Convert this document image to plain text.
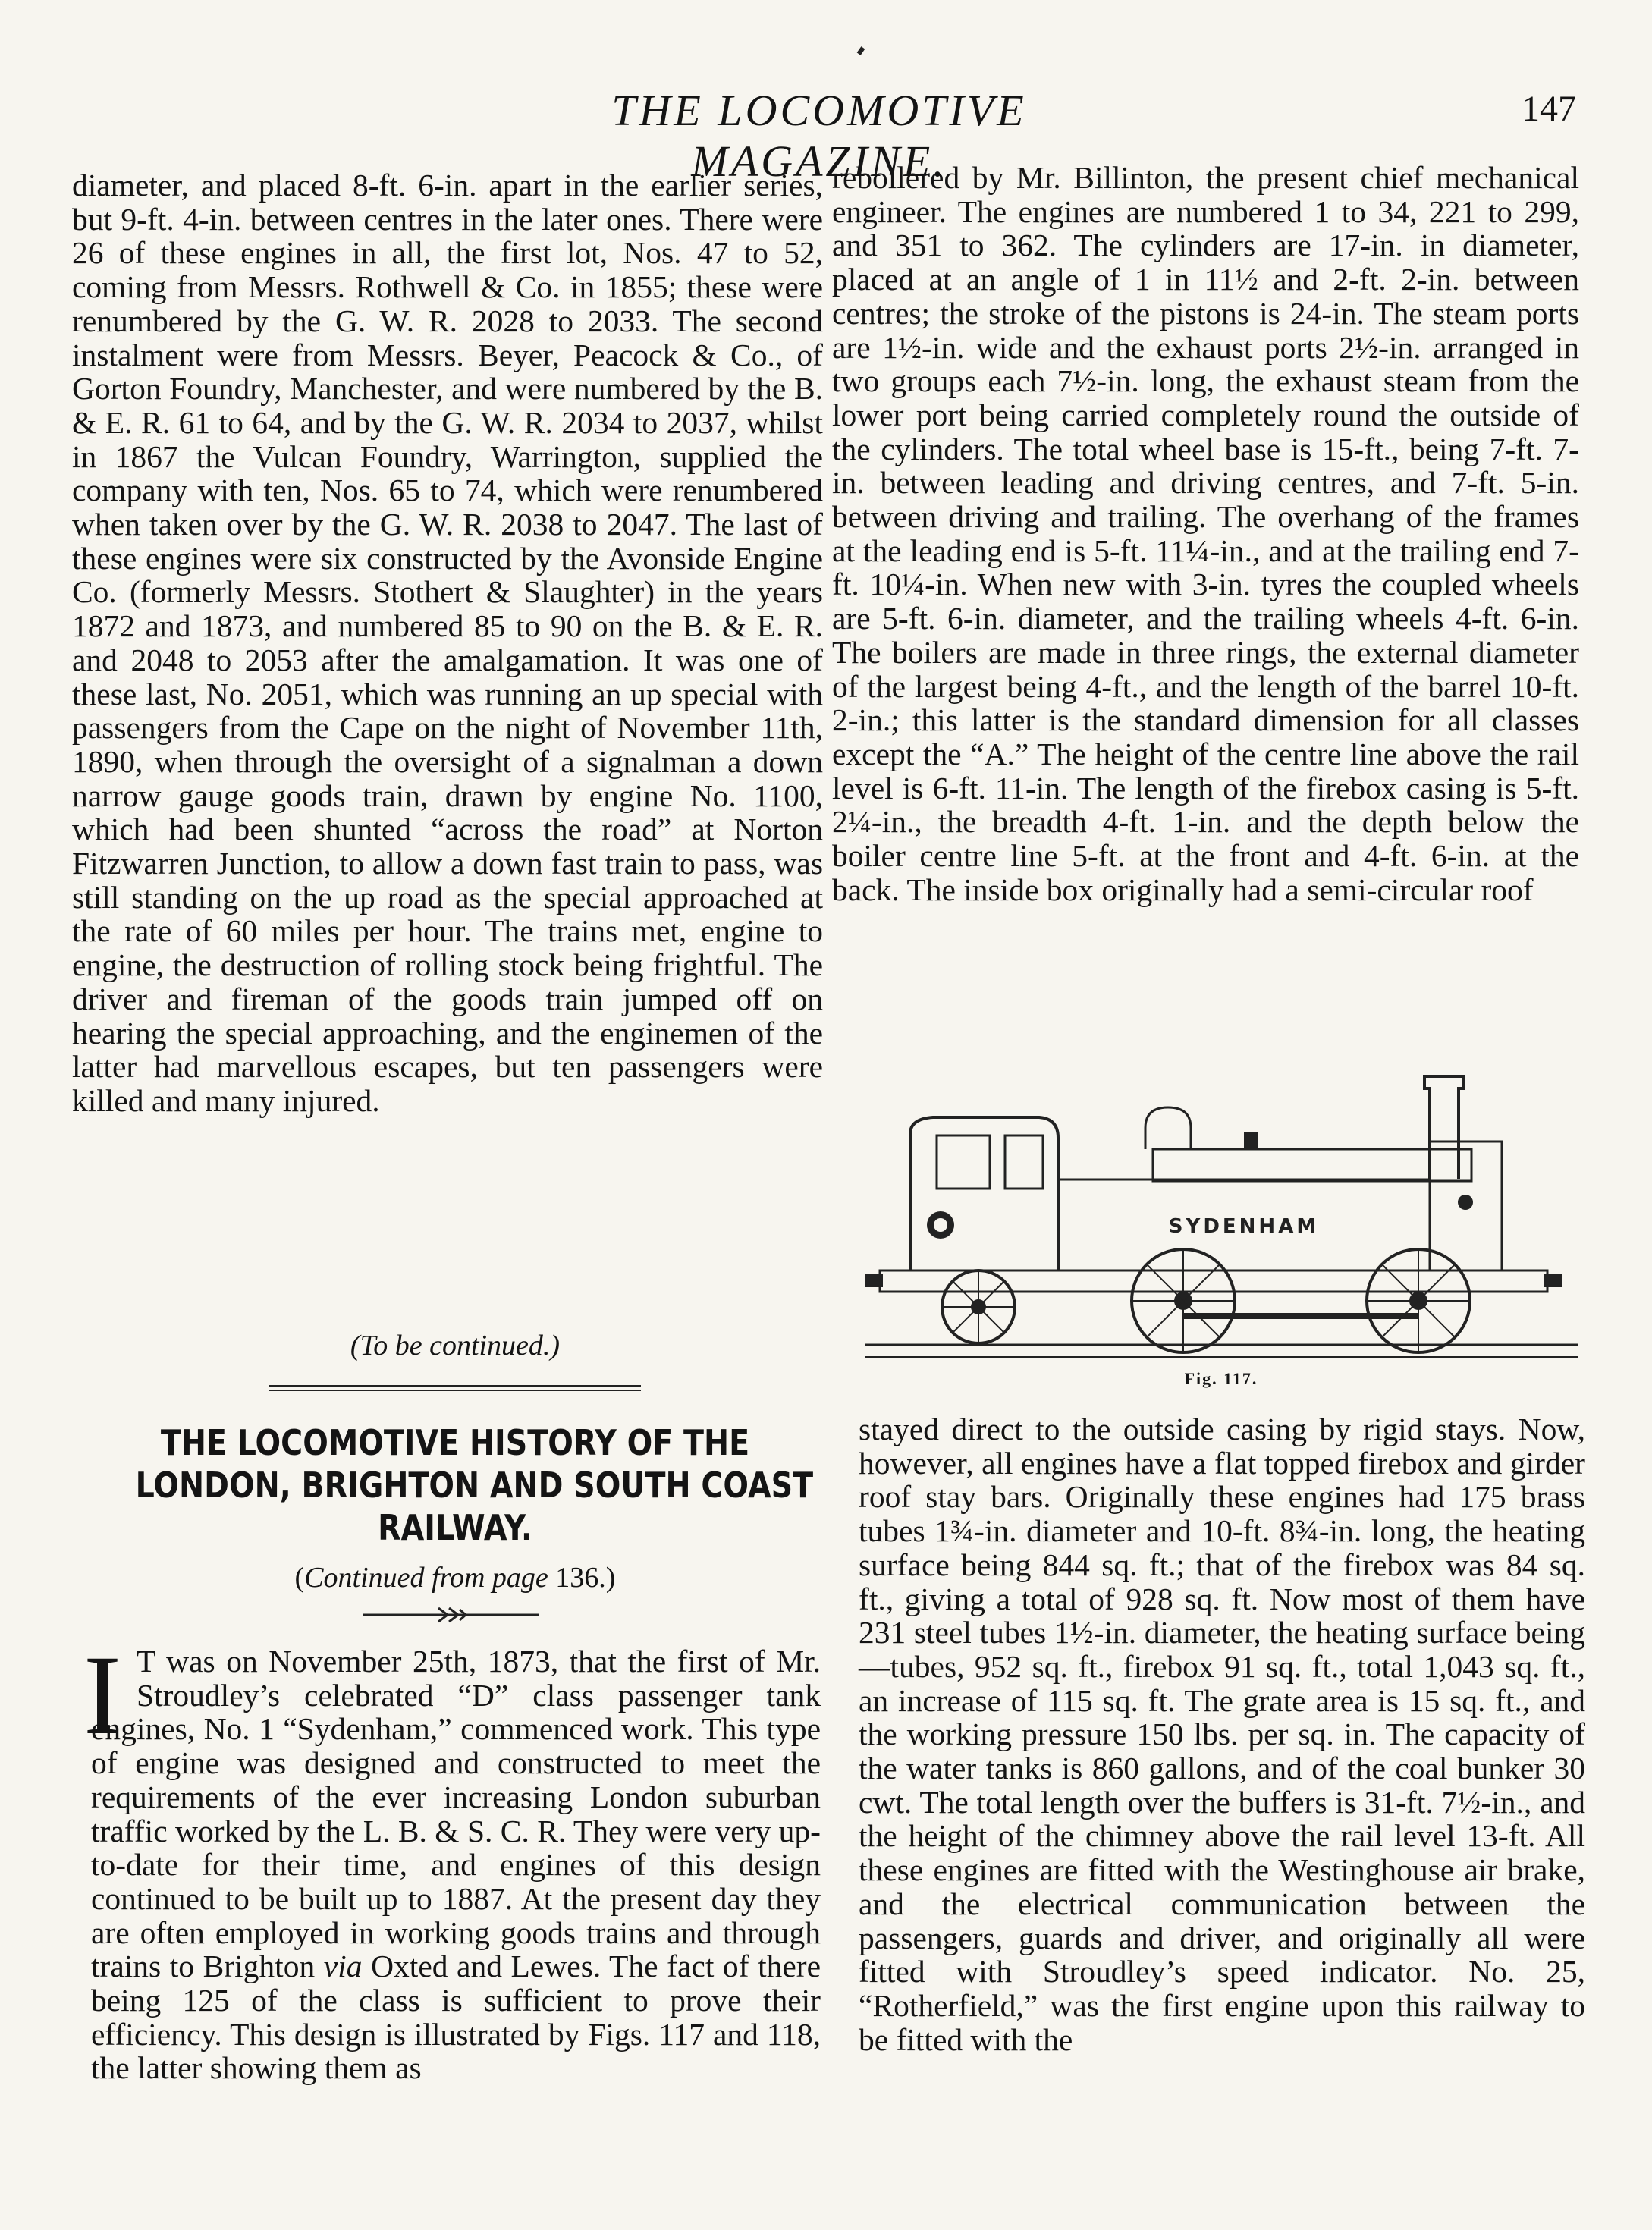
THE LOCOMOTIVE MAGAZINE.
147

diameter, and placed 8-ft. 6-in. apart in the earlier series, but 9-ft. 4-in. between centres in the later ones. There were 26 of these engines in all, the first lot, Nos. 47 to 52, coming from Messrs. Rothwell & Co. in 1855; these were renumbered by the G. W. R. 2028 to 2033. The second instalment were from Messrs. Beyer, Peacock & Co., of Gorton Foundry, Manchester, and were numbered by the B. & E. R. 61 to 64, and by the G. W. R. 2034 to 2037, whilst in 1867 the Vulcan Foundry, Warrington, supplied the company with ten, Nos. 65 to 74, which were renumbered when taken over by the G. W. R. 2038 to 2047. The last of these engines were six constructed by the Avonside Engine Co. (formerly Messrs. Stothert & Slaughter) in the years 1872 and 1873, and numbered 85 to 90 on the B. & E. R. and 2048 to 2053 after the amalgamation. It was one of these last, No. 2051, which was running an up special with passengers from the Cape on the night of November 11th, 1890, when through the oversight of a signalman a down narrow gauge goods train, drawn by engine No. 1100, which had been shunted “across the road” at Norton Fitzwarren Junction, to allow a down fast train to pass, was still standing on the up road as the special approached at the rate of 60 miles per hour. The trains met, engine to engine, the destruction of rolling stock being frightful. The driver and fireman of the goods train jumped off on hearing the special approaching, and the enginemen of the latter had marvellous escapes, but ten passengers were killed and many injured.

(To be continued.)
THE LOCOMOTIVE HISTORY OF THE
LONDON, BRIGHTON AND SOUTH COAST
RAILWAY.
(Continued from page 136.)
I T was on November 25th, 1873, that the first of Mr. Stroudley’s celebrated “D” class passenger tank engines, No. 1 “Sydenham,” commenced work. This type of engine was designed and constructed to meet the requirements of the ever increasing London suburban traffic worked by the L. B. & S. C. R. They were very up-to-date for their time, and engines of this design continued to be built up to 1887. At the present day they are often employed in working goods trains and through trains to Brighton via Oxted and Lewes. The fact of there being 125 of the class is sufficient to prove their efficiency. This design is illustrated by Figs. 117 and 118, the latter showing them as

reboilered by Mr. Billinton, the present chief mechanical engineer. The engines are numbered 1 to 34, 221 to 299, and 351 to 362. The cylinders are 17-in. in diameter, placed at an angle of 1 in 11½ and 2-ft. 2-in. between centres; the stroke of the pistons is 24-in. The steam ports are 1½-in. wide and the exhaust ports 2½-in. arranged in two groups each 7½-in. long, the exhaust steam from the lower port being carried completely round the outside of the cylinders. The total wheel base is 15-ft., being 7-ft. 7-in. between leading and driving centres, and 7-ft. 5-in. between driving and trailing. The overhang of the frames at the leading end is 5-ft. 11¼-in., and at the trailing end 7-ft. 10¼-in. When new with 3-in. tyres the coupled wheels are 5-ft. 6-in. diameter, and the trailing wheels 4-ft. 6-in. The boilers are made in three rings, the external diameter of the largest being 4-ft., and the length of the barrel 10-ft. 2-in.; this latter is the standard dimension for all classes except the “A.” The height of the centre line above the rail level is 6-ft. 11-in. The length of the firebox casing is 5-ft. 2¼-in., the breadth 4-ft. 1-in. and the depth below the boiler centre line 5-ft. at the front and 4-ft. 6-in. at the back. The inside box originally had a semi-circular roof

SYDENHAM
Fig. 117.

stayed direct to the outside casing by rigid stays. Now, however, all engines have a flat topped firebox and girder roof stay bars. Originally these engines had 175 brass tubes 1¾-in. diameter and 10-ft. 8¾-in. long, the heating surface being 844 sq. ft.; that of the firebox was 84 sq. ft., giving a total of 928 sq. ft. Now most of them have 231 steel tubes 1½-in. diameter, the heating surface being—tubes, 952 sq. ft., firebox 91 sq. ft., total 1,043 sq. ft., an increase of 115 sq. ft. The grate area is 15 sq. ft., and the working pressure 150 lbs. per sq. in. The capacity of the water tanks is 860 gallons, and of the coal bunker 30 cwt. The total length over the buffers is 31-ft. 7½-in., and the height of the chimney above the rail level 13-ft. All these engines are fitted with the Westinghouse air brake, and the electrical communication between the passengers, guards and driver, and originally all were fitted with Stroudley’s speed indicator. No. 25, “Rotherfield,” was the first engine upon this railway to be fitted with the
